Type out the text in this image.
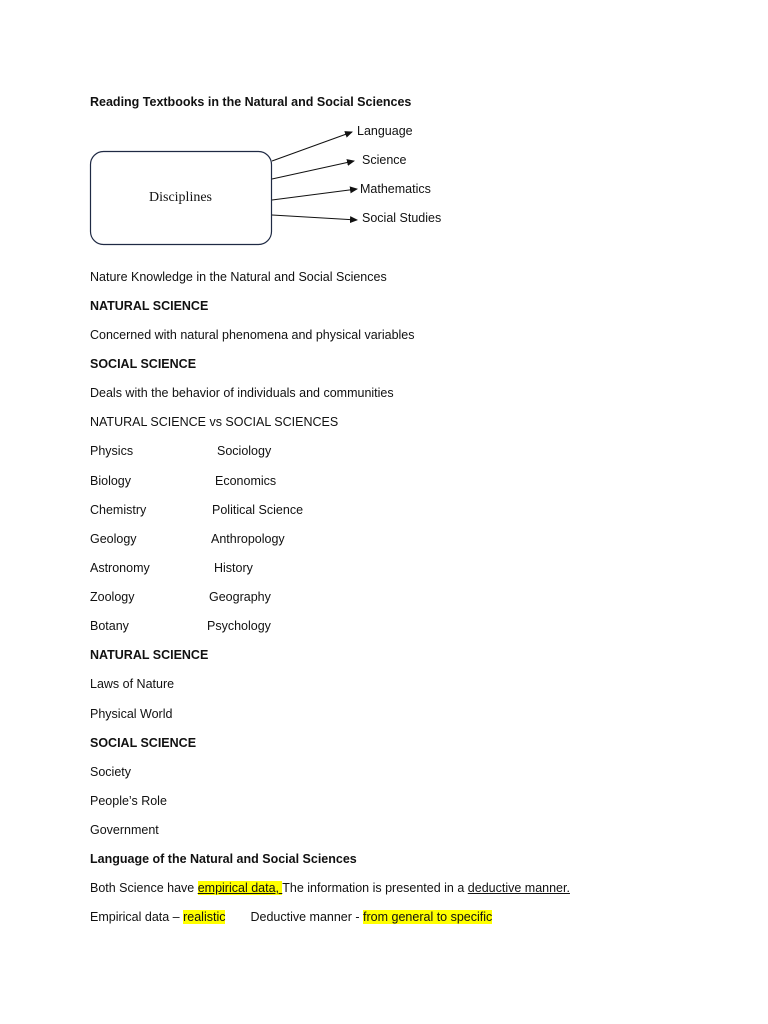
Reading Textbooks in the Natural and Social Sciences
Disciplines
Language
Science
Mathematics
Social Studies
Nature Knowledge in the Natural and Social Sciences
NATURAL SCIENCE
Concerned with natural phenomena and physical variables
SOCIAL SCIENCE
Deals with the behavior of individuals and communities
NATURAL SCIENCE vs SOCIAL SCIENCES
Physics	Sociology
Biology	Economics
Chemistry	Political Science
Geology	Anthropology
Astronomy	History
Zoology	Geography
Botany	Psychology
NATURAL SCIENCE
Laws of Nature
Physical World
SOCIAL SCIENCE
Society
People’s Role
Government
Language of the Natural and Social Sciences
Both Science have empirical data, The information is presented in a deductive manner.
Empirical data – realistic Deductive manner - from general to specific
